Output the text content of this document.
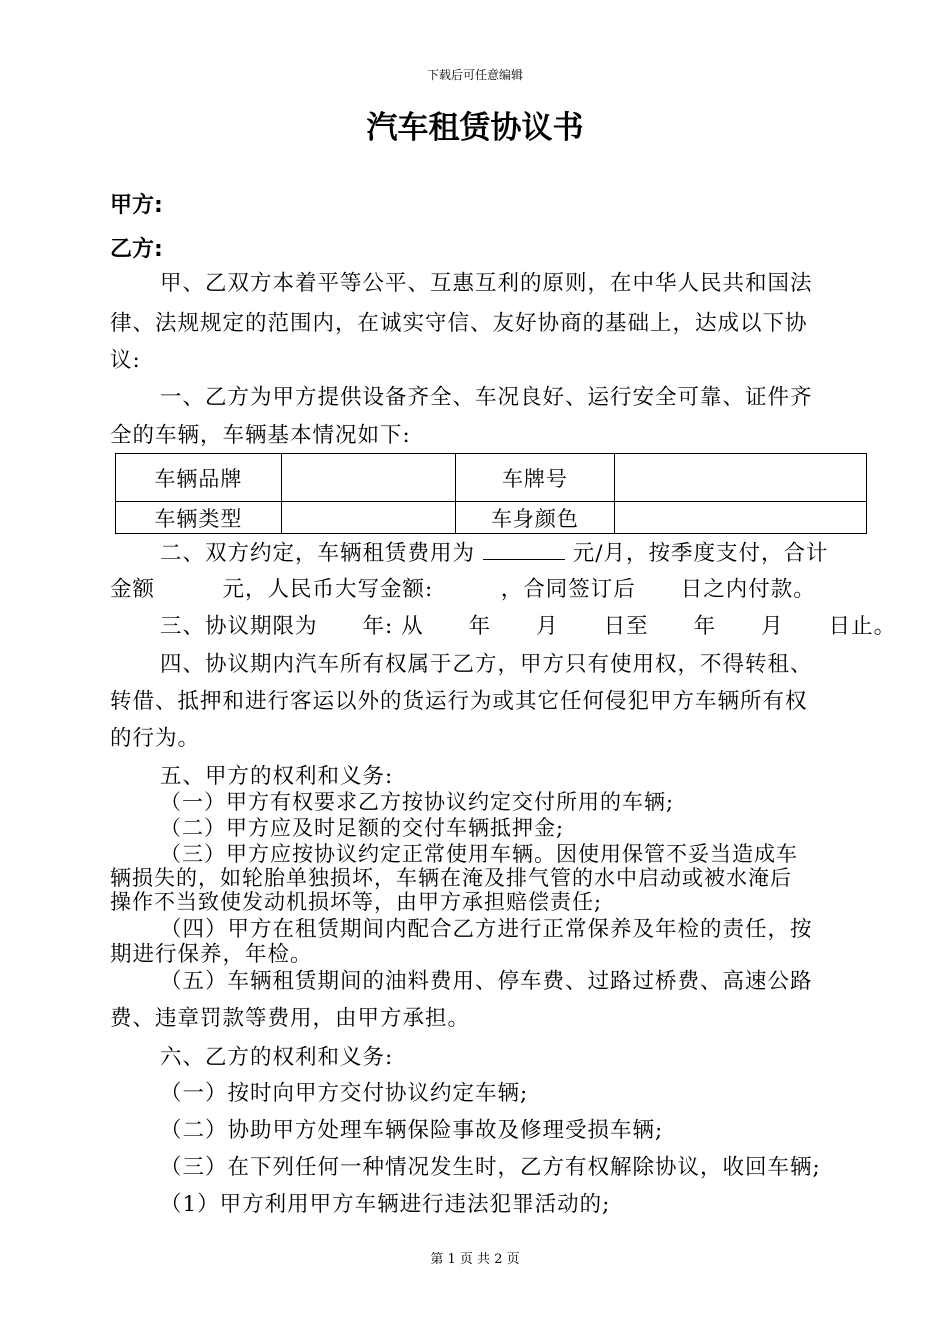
下载后可任意编辑
汽车租赁协议书
甲方:
乙方:
甲、乙双方本着平等公平、互惠互利的原则，在中华人民共和国法
律、法规规定的范围内，在诚实守信、友好协商的基础上，达成以下协
议:
一、乙方为甲方提供设备齐全、车况良好、运行安全可靠、证件齐
全的车辆，车辆基本情况如下:
车辆品牌		车牌号	
车辆类型		车身颜色	
二、双方约定，车辆租赁费用为	元/月，按季度支付，合计
金额　　　元，人民币大写金额:　　　，合同签订后　　日之内付款。
三、协议期限为　　年: 从　　年　　月　　日至　　年　　月　　日止。
四、协议期内汽车所有权属于乙方，甲方只有使用权，不得转租、
转借、抵押和进行客运以外的货运行为或其它任何侵犯甲方车辆所有权
的行为。
五、甲方的权利和义务:
（一）甲方有权要求乙方按协议约定交付所用的车辆;
（二）甲方应及时足额的交付车辆抵押金;
（三）甲方应按协议约定正常使用车辆。因使用保管不妥当造成车
辆损失的，如轮胎单独损坏，车辆在淹及排气管的水中启动或被水淹后
操作不当致使发动机损坏等，由甲方承担赔偿责任;
（四）甲方在租赁期间内配合乙方进行正常保养及年检的责任，按
期进行保养，年检。
（五）车辆租赁期间的油料费用、停车费、过路过桥费、高速公路
费、违章罚款等费用，由甲方承担。
六、乙方的权利和义务:
（一）按时向甲方交付协议约定车辆;
（二）协助甲方处理车辆保险事故及修理受损车辆;
（三）在下列任何一种情况发生时，乙方有权解除协议，收回车辆;
（1）甲方利用甲方车辆进行违法犯罪活动的;
第 1 页 共 2 页
